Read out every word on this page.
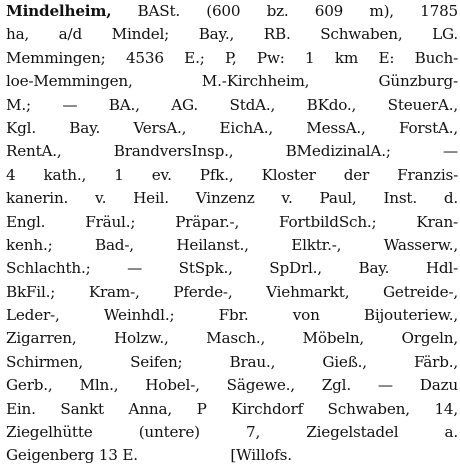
Mindelheim, BASt. (600 bz. 609 m), 1785
ha, a/d Mindel; Bay., RB. Schwaben, LG.
Memmingen; 4536 E.; P, Pw: 1 km E: Buch-
loe-Memmingen, M.-Kirchheim, Günzburg-
M.; — BA., AG. StdA., BKdo., SteuerA.,
Kgl. Bay. VersA., EichA., MessA., ForstA.,
RentA., BrandversInsp., BMedizinalA.; —
4 kath., 1 ev. Pfk., Kloster der Franzis-
kanerin. v. Heil. Vinzenz v. Paul, Inst. d.
Engl. Fräul.; Präpar.-, FortbildSch.; Kran-
kenh.; Bad-, Heilanst., Elktr.-, Wasserw.,
Schlachth.; — StSpk., SpDrl., Bay. Hdl-
BkFil.; Kram-, Pferde-, Viehmarkt, Getreide-,
Leder-, Weinhdl.; Fbr. von Bijouteriew.,
Zigarren, Holzw., Masch., Möbeln, Orgeln,
Schirmen, Seifen; Brau., Gieß., Färb.,
Gerb., Mln., Hobel-, Sägewe., Zgl. — Dazu
Ein. Sankt Anna, P Kirchdorf Schwaben, 14,
Ziegelhütte (untere) 7, Ziegelstadel a.
Geigenberg 13 E.                    [Willofs.
